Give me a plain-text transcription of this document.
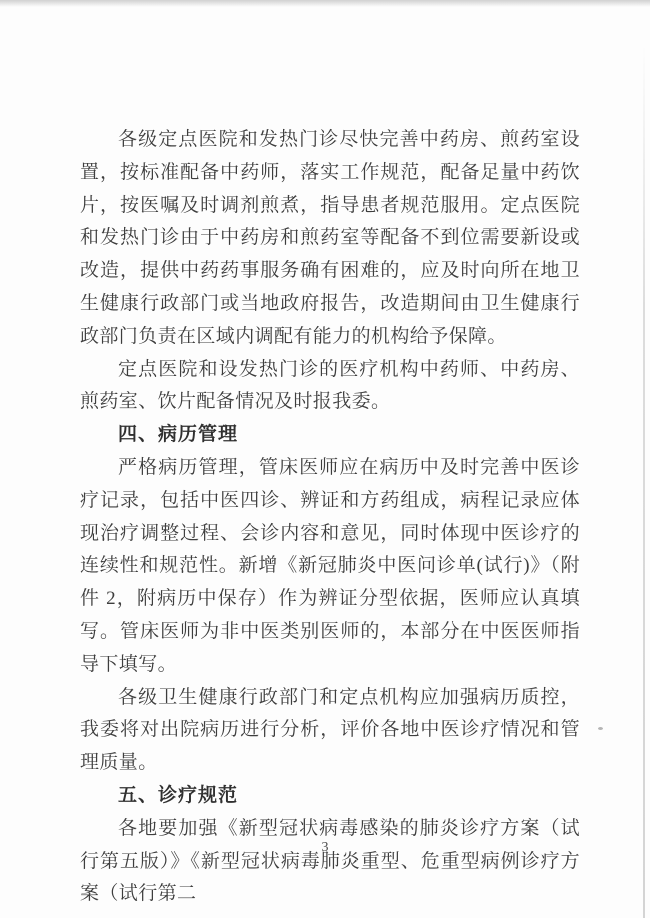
各级定点医院和发热门诊尽快完善中药房、煎药室设置，按标准配备中药师，落实工作规范，配备足量中药饮片，按医嘱及时调剂煎煮，指导患者规范服用。定点医院和发热门诊由于中药房和煎药室等配备不到位需要新设或改造，提供中药药事服务确有困难的，应及时向所在地卫生健康行政部门或当地政府报告，改造期间由卫生健康行政部门负责在区域内调配有能力的机构给予保障。

定点医院和设发热门诊的医疗机构中药师、中药房、煎药室、饮片配备情况及时报我委。

四、病历管理

严格病历管理，管床医师应在病历中及时完善中医诊疗记录，包括中医四诊、辨证和方药组成，病程记录应体现治疗调整过程、会诊内容和意见，同时体现中医诊疗的连续性和规范性。新增《新冠肺炎中医问诊单(试行)》（附件 2，附病历中保存）作为辨证分型依据，医师应认真填写。管床医师为非中医类别医师的，本部分在中医医师指导下填写。

各级卫生健康行政部门和定点机构应加强病历质控，我委将对出院病历进行分析，评价各地中医诊疗情况和管理质量。

五、诊疗规范

各地要加强《新型冠状病毒感染的肺炎诊疗方案（试行第五版）》《新型冠状病毒肺炎重型、危重型病例诊疗方案（试行第二

3
